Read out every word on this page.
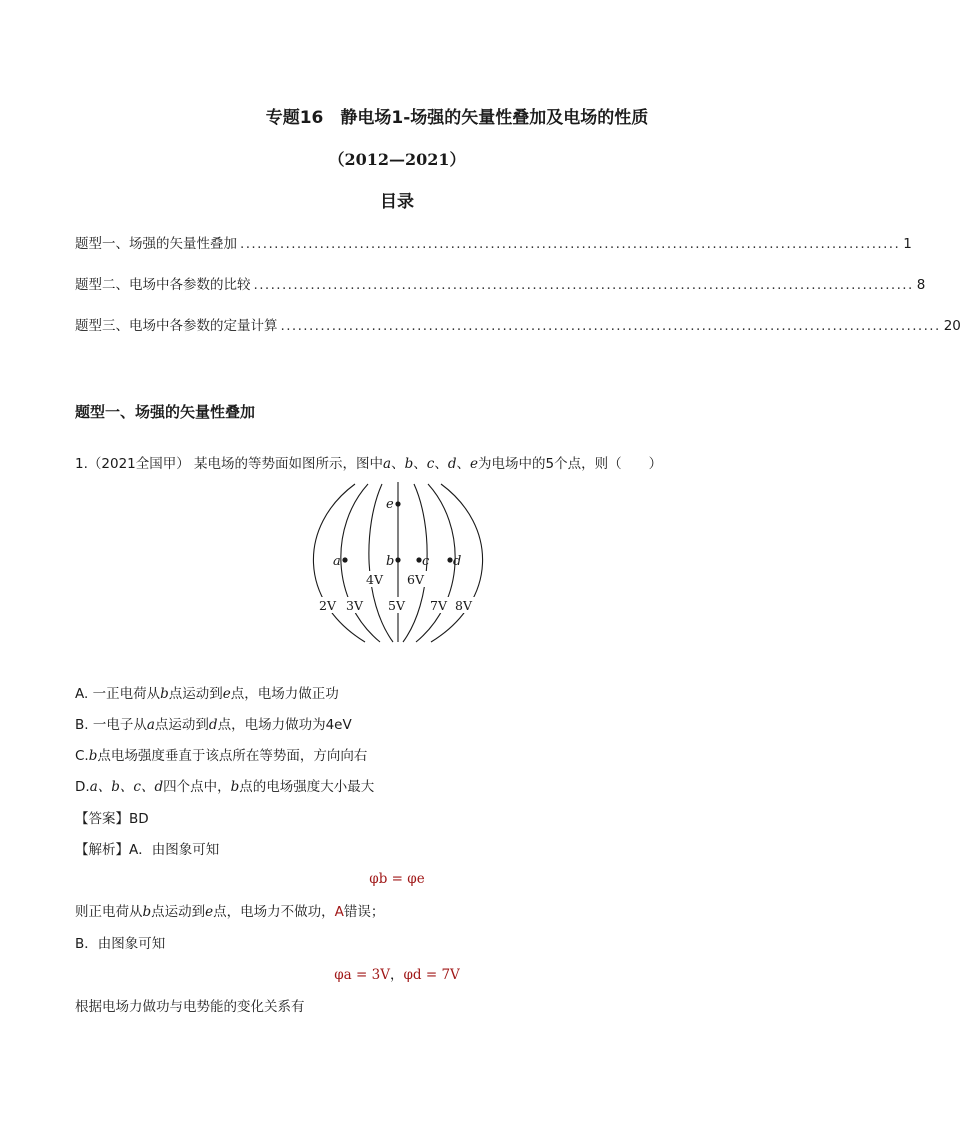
专题16　静电场1-场强的矢量性叠加及电场的性质
（2012—2021）
目录
题型一、场强的矢量性叠加 .................................................................................................................... 1
题型二、电场中各参数的比较 .................................................................................................................... 8
题型三、电场中各参数的定量计算 .................................................................................................................... 20
题型一、场强的矢量性叠加
1.（2021全国甲） 某电场的等势面如图所示，图中a、b、c、d、e为电场中的5个点，则（　　）
e
a	b c d
4V 6V
2V 3V 5V 7V 8V
A. 一正电荷从b点运动到e点，电场力做正功
B. 一电子从a点运动到d点，电场力做功为4eV
C.b点电场强度垂直于该点所在等势面，方向向右
D.a、b、c、d四个点中，b点的电场强度大小最大
【答案】BD
【解析】A．由图象可知
φb = φe
则正电荷从b点运动到e点，电场力不做功，A错误；
B．由图象可知
φa = 3V，φd = 7V
根据电场力做功与电势能的变化关系有
